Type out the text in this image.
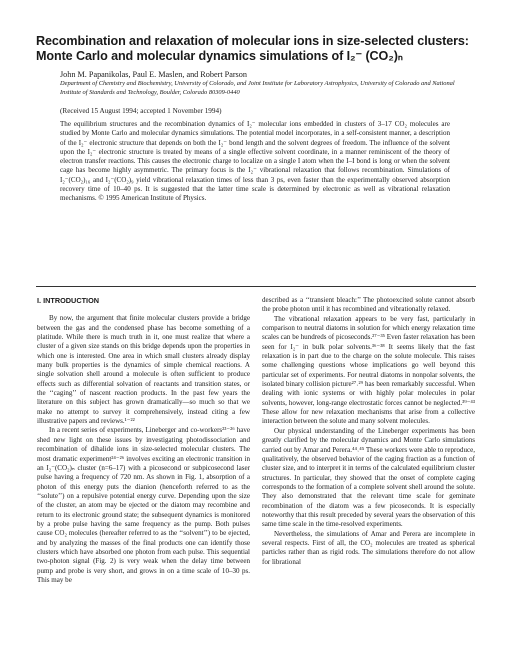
Recombination and relaxation of molecular ions in size-selected clusters:
Monte Carlo and molecular dynamics simulations of I₂⁻ (CO₂)ₙ
John M. Papanikolas, Paul E. Maslen, and Robert Parson
Department of Chemistry and Biochemistry, University of Colorado, and Joint Institute for Laboratory Astrophysics, University of Colorado and National Institute of Standards and Technology, Boulder, Colorado 80309-0440
(Received 15 August 1994; accepted 1 November 1994)
The equilibrium structures and the recombination dynamics of I₂⁻ molecular ions embedded in clusters of 3–17 CO₂ molecules are studied by Monte Carlo and molecular dynamics simulations. The potential model incorporates, in a self-consistent manner, a description of the I₂⁻ electronic structure that depends on both the I₂⁻ bond length and the solvent degrees of freedom. The influence of the solvent upon the I₂⁻ electronic structure is treated by means of a single effective solvent coordinate, in a manner reminiscent of the theory of electron transfer reactions. This causes the electronic charge to localize on a single I atom when the I–I bond is long or when the solvent cage has become highly asymmetric. The primary focus is the I₂⁻ vibrational relaxation that follows recombination. Simulations of I₂⁻(CO₂)₁₆ and I₂⁻(CO₂)₉ yield vibrational relaxation times of less than 3 ps, even faster than the experimentally observed absorption recovery time of 10–40 ps. It is suggested that the latter time scale is determined by electronic as well as vibrational relaxation mechanisms. © 1995 American Institute of Physics.
I. INTRODUCTION

By now, the argument that finite molecular clusters provide a bridge between the gas and the condensed phase has become something of a platitude. While there is much truth in it, one must realize that where a cluster of a given size stands on this bridge depends upon the properties in which one is interested. One area in which small clusters already display many bulk properties is the dynamics of simple chemical reactions. A single solvation shell around a molecule is often sufficient to produce effects such as differential solvation of reactants and transition states, or the ‘‘caging’’ of nascent reaction products. In the past few years the literature on this subject has grown dramatically—so much so that we make no attempt to survey it comprehensively, instead citing a few illustrative papers and reviews.¹⁻²²

In a recent series of experiments, Lineberger and co-workers²³⁻²⁶ have shed new light on these issues by investigating photodissociation and recombination of dihalide ions in size-selected molecular clusters. The most dramatic experiment²⁴⁻²⁶ involves exciting an electronic transition in an I₂⁻(CO₂)ₙ cluster (n=6–17) with a picosecond or subpicosecond laser pulse having a frequency of 720 nm. As shown in Fig. 1, absorption of a photon of this energy puts the dianion (henceforth referred to as the ‘‘solute’’) on a repulsive potential energy curve. Depending upon the size of the cluster, an atom may be ejected or the diatom may recombine and return to its electronic ground state; the subsequent dynamics is monitored by a probe pulse having the same frequency as the pump. Both pulses cause CO₂ molecules (hereafter referred to as the ‘‘solvent’’) to be ejected, and by analyzing the masses of the final products one can identify those clusters which have absorbed one photon from each pulse. This sequential two-photon signal (Fig. 2) is very weak when the delay time between pump and probe is very short, and grows in on a time scale of 10–30 ps. This may be

described as a ‘‘transient bleach:’’ The photoexcited solute cannot absorb the probe photon until it has recombined and vibrationally relaxed.

The vibrational relaxation appears to be very fast, particularly in comparison to neutral diatoms in solution for which energy relaxation time scales can be hundreds of picoseconds.²⁷⁻³⁵ Even faster relaxation has been seen for I₂⁻ in bulk polar solvents.³⁶⁻³⁸ It seems likely that the fast relaxation is in part due to the charge on the solute molecule. This raises some challenging questions whose implications go well beyond this particular set of experiments. For neutral diatoms in nonpolar solvents, the isolated binary collision picture²⁷˒²⁹ has been remarkably successful. When dealing with ionic systems or with highly polar molecules in polar solvents, however, long-range electrostatic forces cannot be neglected.³⁹⁻⁴³ These allow for new relaxation mechanisms that arise from a collective interaction between the solute and many solvent molecules.

Our physical understanding of the Lineberger experiments has been greatly clarified by the molecular dynamics and Monte Carlo simulations carried out by Amar and Perera.⁴⁴˒⁴⁵ These workers were able to reproduce, qualitatively, the observed behavior of the caging fraction as a function of cluster size, and to interpret it in terms of the calculated equilibrium cluster structures. In particular, they showed that the onset of complete caging corresponds to the formation of a complete solvent shell around the solute. They also demonstrated that the relevant time scale for geminate recombination of the diatom was a few picoseconds. It is especially noteworthy that this result preceded by several years the observation of this same time scale in the time-resolved experiments.

Nevertheless, the simulations of Amar and Perera are incomplete in several respects. First of all, the CO₂ molecules are treated as spherical particles rather than as rigid rods. The simulations therefore do not allow for librational
